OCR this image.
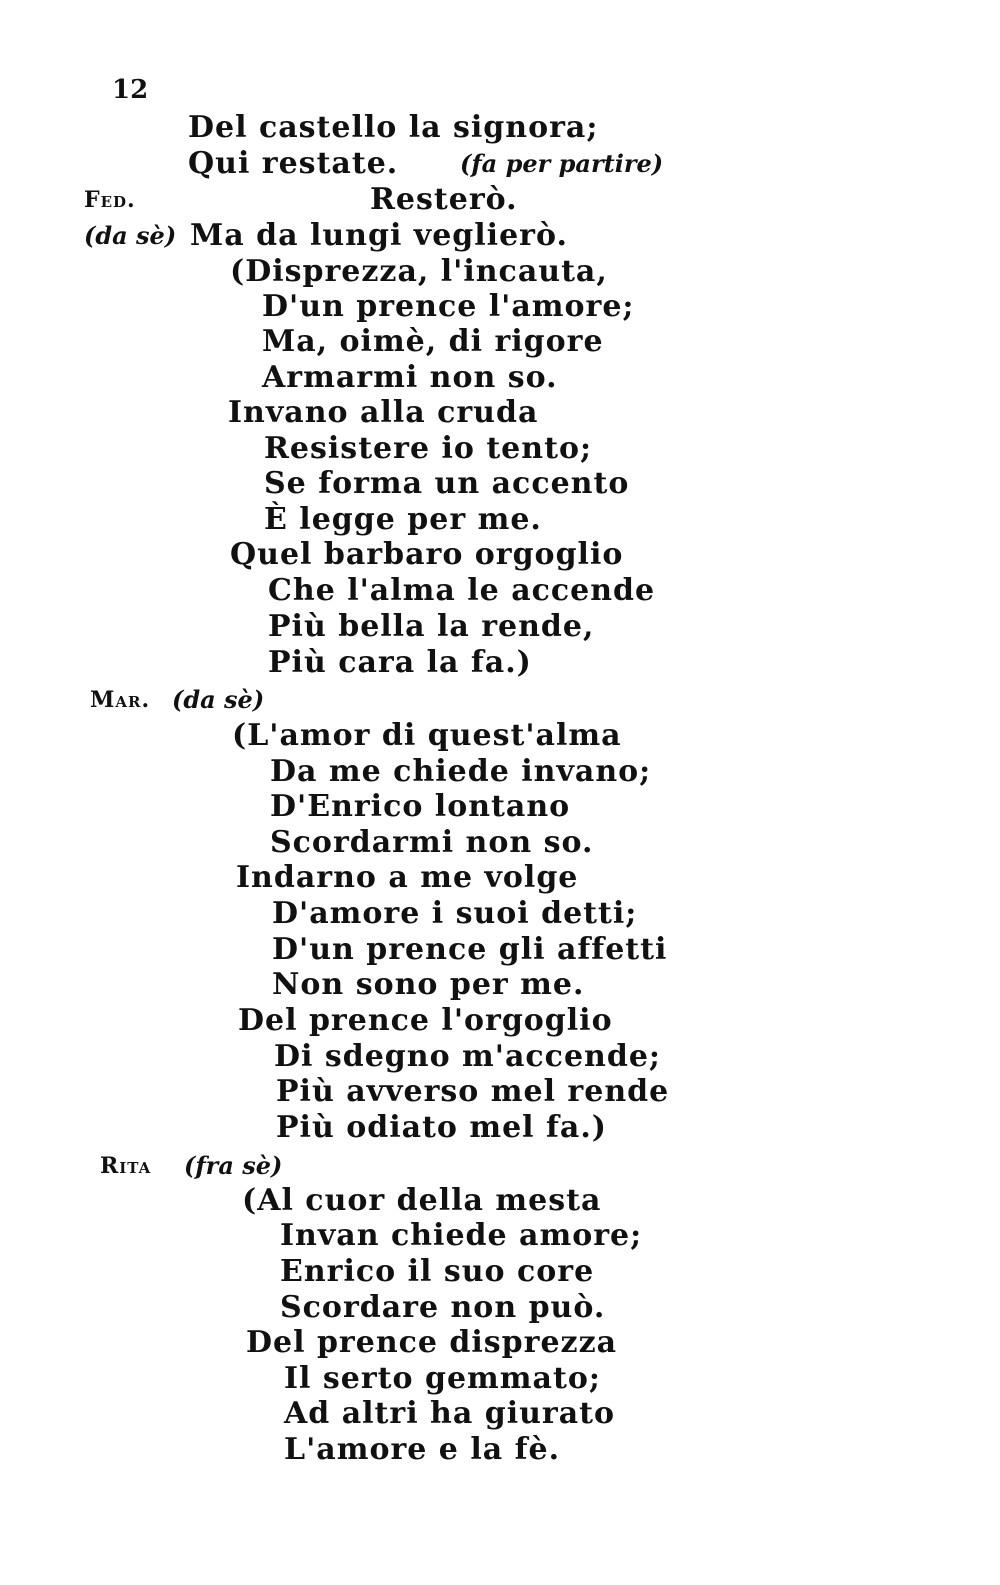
12
Del castello la signora;
Qui restate.	(fa per partire)
Fed.	Resterò.
(da sè) Ma da lungi veglierò.
(Disprezza, l'incauta,
D'un prence l'amore;
Ma, oimè, di rigore
Armarmi non so.
Invano alla cruda
Resistere io tento;
Se forma un accento
È legge per me.
Quel barbaro orgoglio
Che l'alma le accende
Più bella la rende,
Più cara la fa.)
Mar. (da sè)
(L'amor di quest'alma
Da me chiede invano;
D'Enrico lontano
Scordarmi non so.
Indarno a me volge
D'amore i suoi detti;
D'un prence gli affetti
Non sono per me.
Del prence l'orgoglio
Di sdegno m'accende;
Più avverso mel rende
Più odiato mel fa.)
Rita (fra sè)
(Al cuor della mesta
Invan chiede amore;
Enrico il suo core
Scordare non può.
Del prence disprezza
Il serto gemmato;
Ad altri ha giurato
L'amore e la fè.
